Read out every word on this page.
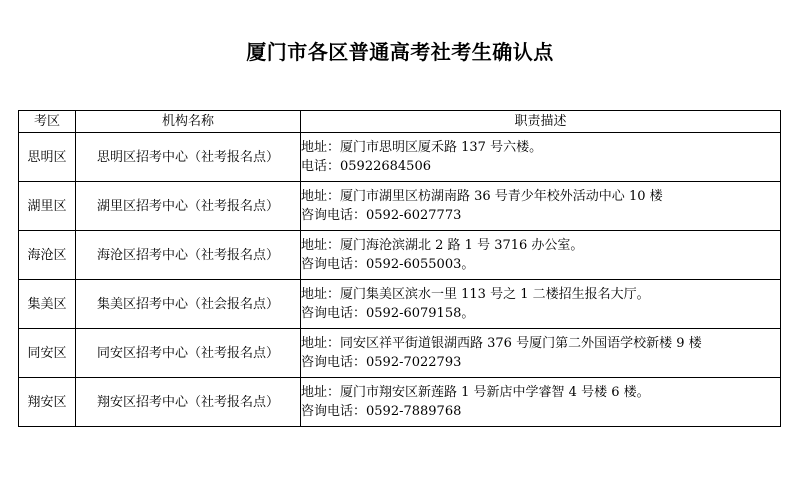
厦门市各区普通高考社考生确认点
考区	机构名称	职责描述
思明区	思明区招考中心（社考报名点）	地址：厦门市思明区厦禾路 137 号六楼。
电话：05922684506

湖里区	湖里区招考中心（社考报名点）	地址：厦门市湖里区枋湖南路 36 号青少年校外活动中心 10 楼
咨询电话：0592-6027773

海沧区	海沧区招考中心（社考报名点）	地址：厦门海沧滨湖北 2 路 1 号 3716 办公室。
咨询电话：0592-6055003。

集美区	集美区招考中心（社会报名点）	地址：厦门集美区滨水一里 113 号之 1 二楼招生报名大厅。
咨询电话：0592-6079158。

同安区	同安区招考中心（社考报名点）	地址：同安区祥平街道银湖西路 376 号厦门第二外国语学校新楼 9 楼
咨询电话：0592-7022793

翔安区	翔安区招考中心（社考报名点）	地址：厦门市翔安区新莲路 1 号新店中学睿智 4 号楼 6 楼。
咨询电话：0592-7889768
